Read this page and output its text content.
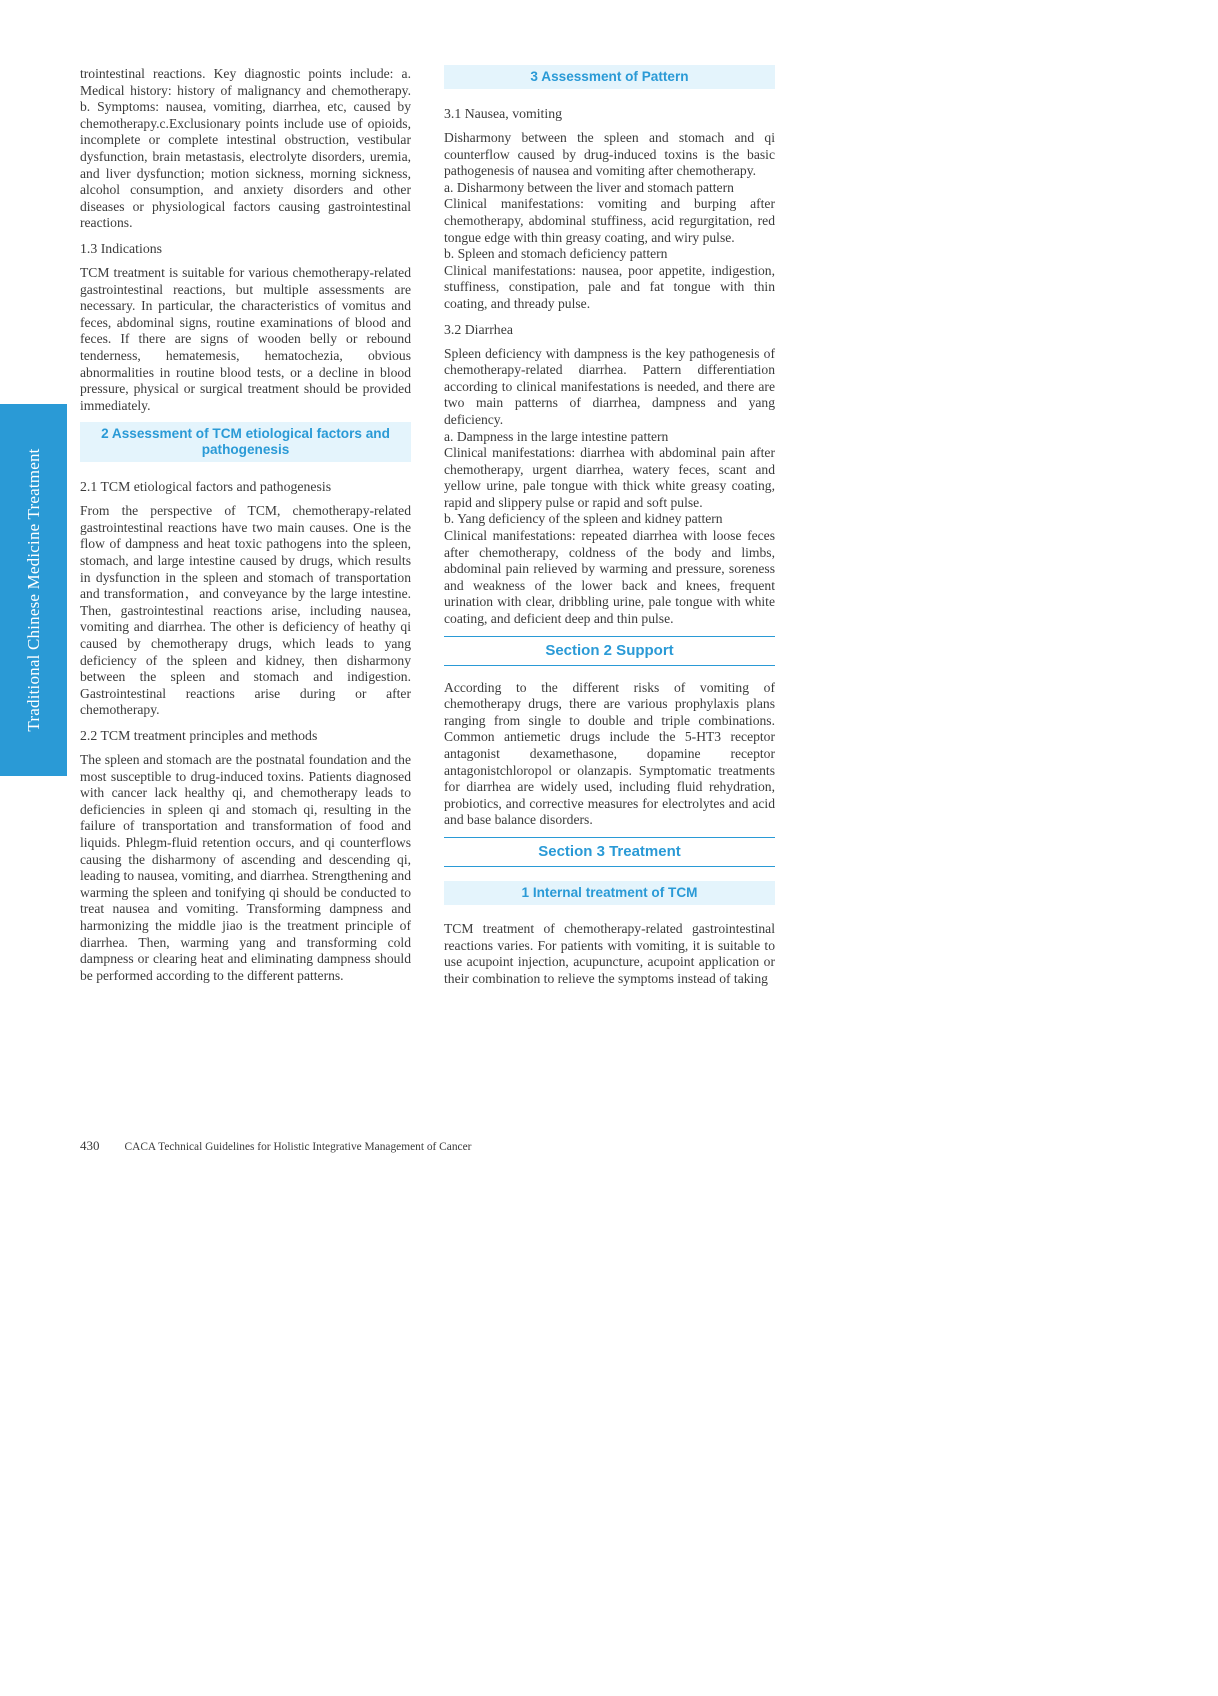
Traditional Chinese Medicine Treatment

trointestinal reactions. Key diagnostic points include: a. Medical history: history of malignancy and chemotherapy. b. Symptoms: nausea, vomiting, diarrhea, etc, caused by chemotherapy.c.Exclusionary points include use of opioids, incomplete or complete intestinal obstruction, vestibular dysfunction, brain metastasis, electrolyte disorders, uremia, and liver dysfunction; motion sickness, morning sickness, alcohol consumption, and anxiety disorders and other diseases or physiological factors causing gastrointestinal reactions.

1.3 Indications

TCM treatment is suitable for various chemotherapy-related gastrointestinal reactions, but multiple assessments are necessary. In particular, the characteristics of vomitus and feces, abdominal signs, routine examinations of blood and feces. If there are signs of wooden belly or rebound tenderness, hematemesis, hematochezia, obvious abnormalities in routine blood tests, or a decline in blood pressure, physical or surgical treatment should be provided immediately.

2 Assessment of TCM etiological factors and pathogenesis
2.1 TCM etiological factors and pathogenesis

From the perspective of TCM, chemotherapy-related gastrointestinal reactions have two main causes. One is the flow of dampness and heat toxic pathogens into the spleen, stomach, and large intestine caused by drugs, which results in dysfunction in the spleen and stomach of transportation and transformation，and conveyance by the large intestine. Then, gastrointestinal reactions arise, including nausea, vomiting and diarrhea. The other is deficiency of heathy qi caused by chemotherapy drugs, which leads to yang deficiency of the spleen and kidney, then disharmony between the spleen and stomach and indigestion. Gastrointestinal reactions arise during or after chemotherapy.

2.2 TCM treatment principles and methods

The spleen and stomach are the postnatal foundation and the most susceptible to drug-induced toxins. Patients diagnosed with cancer lack healthy qi, and chemotherapy leads to deficiencies in spleen qi and stomach qi, resulting in the failure of transportation and transformation of food and liquids. Phlegm-fluid retention occurs, and qi counterflows causing the disharmony of ascending and descending qi, leading to nausea, vomiting, and diarrhea. Strengthening and warming the spleen and tonifying qi should be conducted to treat nausea and vomiting. Transforming dampness and harmonizing the middle jiao is the treatment principle of diarrhea. Then, warming yang and transforming cold dampness or clearing heat and eliminating dampness should be performed according to the different patterns.

3 Assessment of Pattern
3.1 Nausea, vomiting

Disharmony between the spleen and stomach and qi counterflow caused by drug-induced toxins is the basic pathogenesis of nausea and vomiting after chemotherapy.

a. Disharmony between the liver and stomach pattern

Clinical manifestations: vomiting and burping after chemotherapy, abdominal stuffiness, acid regurgitation, red tongue edge with thin greasy coating, and wiry pulse.

b. Spleen and stomach deficiency pattern

Clinical manifestations: nausea, poor appetite, indigestion, stuffiness, constipation, pale and fat tongue with thin coating, and thready pulse.

3.2 Diarrhea

Spleen deficiency with dampness is the key pathogenesis of chemotherapy-related diarrhea. Pattern differentiation according to clinical manifestations is needed, and there are two main patterns of diarrhea, dampness and yang deficiency.

a. Dampness in the large intestine pattern

Clinical manifestations: diarrhea with abdominal pain after chemotherapy, urgent diarrhea, watery feces, scant and yellow urine, pale tongue with thick white greasy coating, rapid and slippery pulse or rapid and soft pulse.

b. Yang deficiency of the spleen and kidney pattern

Clinical manifestations: repeated diarrhea with loose feces after chemotherapy, coldness of the body and limbs, abdominal pain relieved by warming and pressure, soreness and weakness of the lower back and knees, frequent urination with clear, dribbling urine, pale tongue with white coating, and deficient deep and thin pulse.

Section 2 Support

According to the different risks of vomiting of chemotherapy drugs, there are various prophylaxis plans ranging from single to double and triple combinations. Common antiemetic drugs include the 5-HT3 receptor antagonist dexamethasone, dopamine receptor antagonistchloropol or olanzapis. Symptomatic treatments for diarrhea are widely used, including fluid rehydration, probiotics, and corrective measures for electrolytes and acid and base balance disorders.

Section 3 Treatment
1 Internal treatment of TCM

TCM treatment of chemotherapy-related gastrointestinal reactions varies. For patients with vomiting, it is suitable to use acupoint injection, acupuncture, acupoint application or their combination to relieve the symptoms instead of taking

430 CACA Technical Guidelines for Holistic Integrative Management of Cancer
